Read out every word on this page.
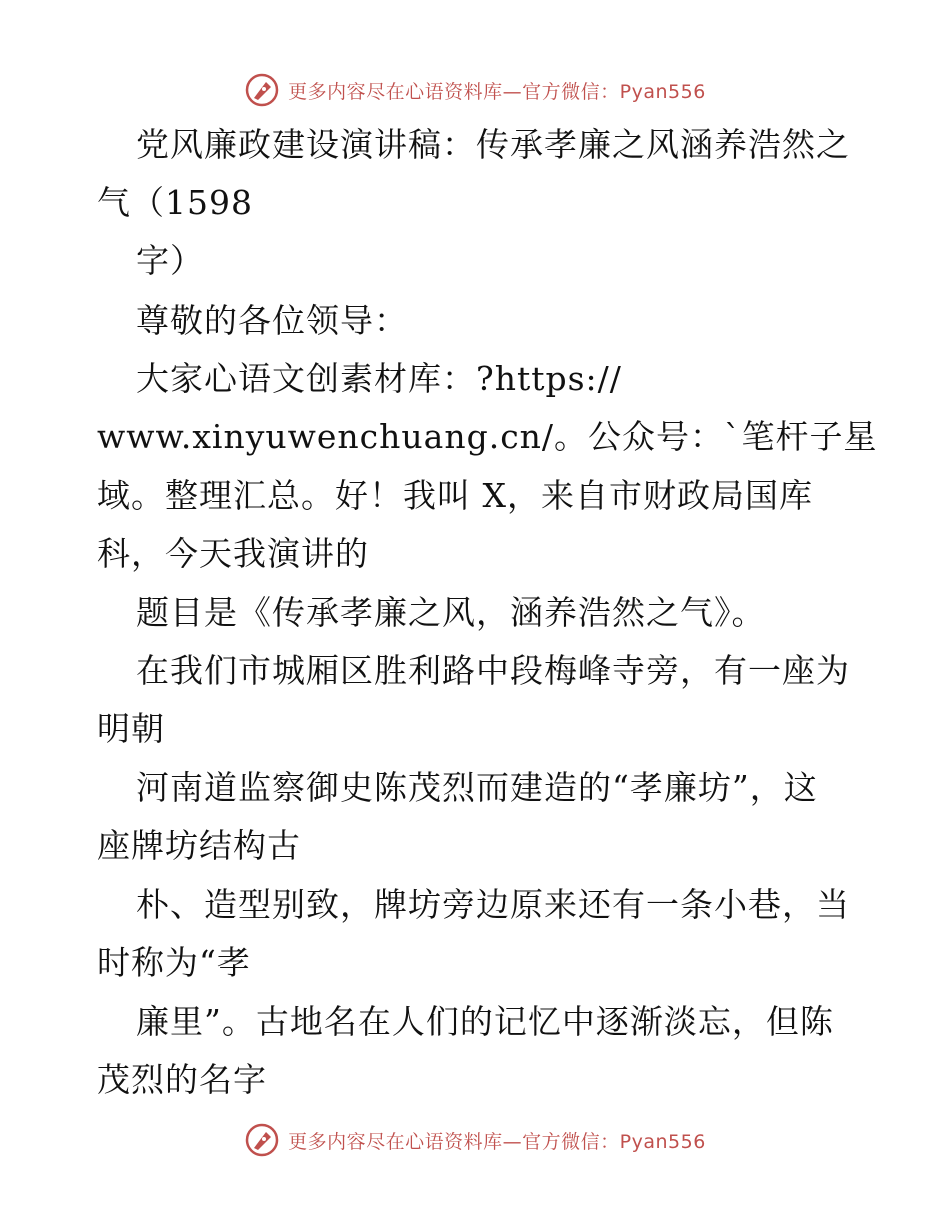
更多内容尽在心语资料库—官方微信：Pyan556
党风廉政建设演讲稿：传承孝廉之风涵养浩然之
气（1598
字）
尊敬的各位领导：
大家心语文创素材库：?https://
www.xinyuwenchuang.cn/。公众号：`笔杆子星
域。整理汇总。好！我叫 X，来自市财政局国库
科，今天我演讲的
题目是《传承孝廉之风，涵养浩然之气》。
在我们市城厢区胜利路中段梅峰寺旁，有一座为
明朝
河南道监察御史陈茂烈而建造的“孝廉坊”，这
座牌坊结构古
朴、造型别致，牌坊旁边原来还有一条小巷，当
时称为“孝
廉里”。古地名在人们的记忆中逐渐淡忘，但陈
茂烈的名字
更多内容尽在心语资料库—官方微信：Pyan556
